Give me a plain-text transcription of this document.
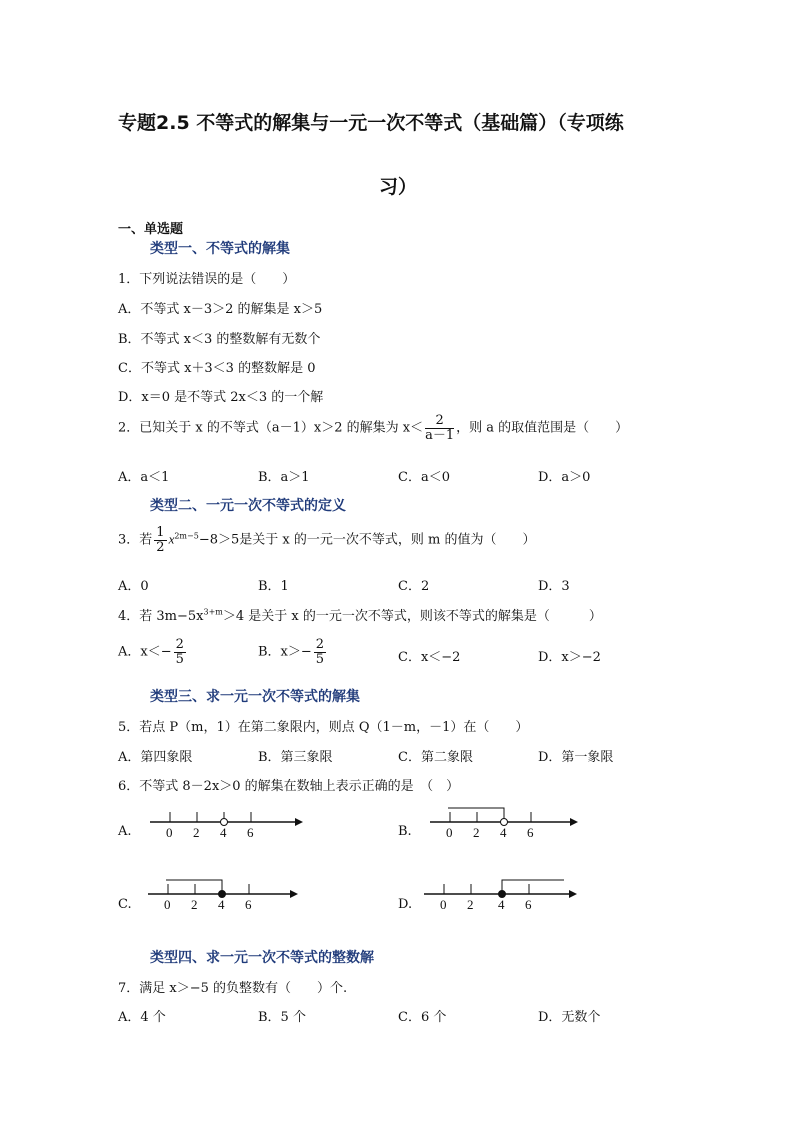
专题2.5 不等式的解集与一元一次不等式（基础篇）（专项练
习）
一、单选题
类型一、不等式的解集
1．下列说法错误的是（　　）
A．不等式 x－3＞2 的解集是 x＞5
B．不等式 x＜3 的整数解有无数个
C．不等式 x＋3＜3 的整数解是 0
D．x＝0 是不等式 2x＜3 的一个解
2．已知关于 x 的不等式（a－1）x＞2 的解集为 $x< \frac{2}{a-1}$ ，则 a 的取值范围是（　　）
A．a＜1	B．a＞1	C．a＜0	D．a＞0
类型二、一元一次不等式的定义
3．若 $\frac{1}{2} x^{2m-5}-8>5$是关于 x 的一元一次不等式，则 m 的值为（　　）
A．0	B．1	C．2	D．3
4．若 $3m-5x^{3+m}>4$ 是关于 x 的一元一次不等式，则该不等式的解集是（　　　）
A．$x<- \frac{2}{5}$	B．$x>- \frac{2}{5}$	C．x＜−2	D．x＞−2
类型三、求一元一次不等式的解集
5．若点 P（m，1）在第二象限内，则点 Q（1－m，－1）在（　　）
A．第四象限	B．第三象限	C．第二象限	D．第一象限
6．不等式 8－2x＞0 的解集在数轴上表示正确的是　（　）
A.	0 2 4 6	B.	0 2 4 6
C. 0 2 4 6	D. 0 2 4 6
类型四、求一元一次不等式的整数解
7．满足 x＞−5 的负整数有（　　）个.
A．4 个	B．5 个	C．6 个	D．无数个
